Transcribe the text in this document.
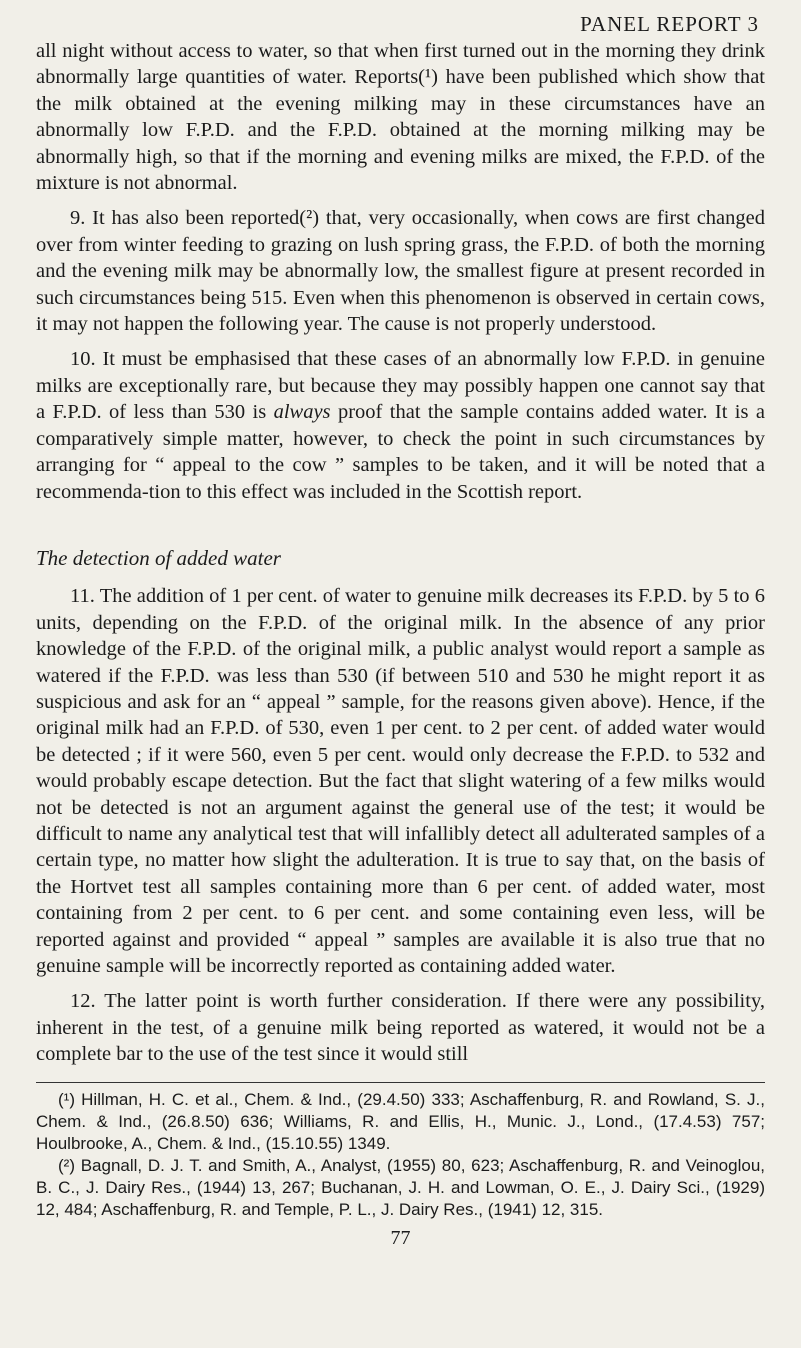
PANEL REPORT 3

all night without access to water, so that when first turned out in the morning they drink abnormally large quantities of water. Reports(¹) have been published which show that the milk obtained at the evening milking may in these circumstances have an abnormally low F.P.D. and the F.P.D. obtained at the morning milking may be abnormally high, so that if the morning and evening milks are mixed, the F.P.D. of the mixture is not abnormal.

9. It has also been reported(²) that, very occasionally, when cows are first changed over from winter feeding to grazing on lush spring grass, the F.P.D. of both the morning and the evening milk may be abnormally low, the smallest figure at present recorded in such circumstances being 515. Even when this phenomenon is observed in certain cows, it may not happen the following year. The cause is not properly understood.

10. It must be emphasised that these cases of an abnormally low F.P.D. in genuine milks are exceptionally rare, but because they may possibly happen one cannot say that a F.P.D. of less than 530 is always proof that the sample contains added water. It is a comparatively simple matter, however, to check the point in such circumstances by arranging for “ appeal to the cow ” samples to be taken, and it will be noted that a recommenda-tion to this effect was included in the Scottish report.

The detection of added water

11. The addition of 1 per cent. of water to genuine milk decreases its F.P.D. by 5 to 6 units, depending on the F.P.D. of the original milk. In the absence of any prior knowledge of the F.P.D. of the original milk, a public analyst would report a sample as watered if the F.P.D. was less than 530 (if between 510 and 530 he might report it as suspicious and ask for an “ appeal ” sample, for the reasons given above). Hence, if the original milk had an F.P.D. of 530, even 1 per cent. to 2 per cent. of added water would be detected ; if it were 560, even 5 per cent. would only decrease the F.P.D. to 532 and would probably escape detection. But the fact that slight watering of a few milks would not be detected is not an argument against the general use of the test; it would be difficult to name any analytical test that will infallibly detect all adulterated samples of a certain type, no matter how slight the adulteration. It is true to say that, on the basis of the Hortvet test all samples containing more than 6 per cent. of added water, most containing from 2 per cent. to 6 per cent. and some containing even less, will be reported against and provided “ appeal ” samples are available it is also true that no genuine sample will be incorrectly reported as containing added water.

12. The latter point is worth further consideration. If there were any possibility, inherent in the test, of a genuine milk being reported as watered, it would not be a complete bar to the use of the test since it would still

(¹) Hillman, H. C. et al., Chem. & Ind., (29.4.50) 333; Aschaffenburg, R. and Rowland, S. J., Chem. & Ind., (26.8.50) 636; Williams, R. and Ellis, H., Munic. J., Lond., (17.4.53) 757; Houlbrooke, A., Chem. & Ind., (15.10.55) 1349.

(²) Bagnall, D. J. T. and Smith, A., Analyst, (1955) 80, 623; Aschaffenburg, R. and Veinoglou, B. C., J. Dairy Res., (1944) 13, 267; Buchanan, J. H. and Lowman, O. E., J. Dairy Sci., (1929) 12, 484; Aschaffenburg, R. and Temple, P. L., J. Dairy Res., (1941) 12, 315.

77
